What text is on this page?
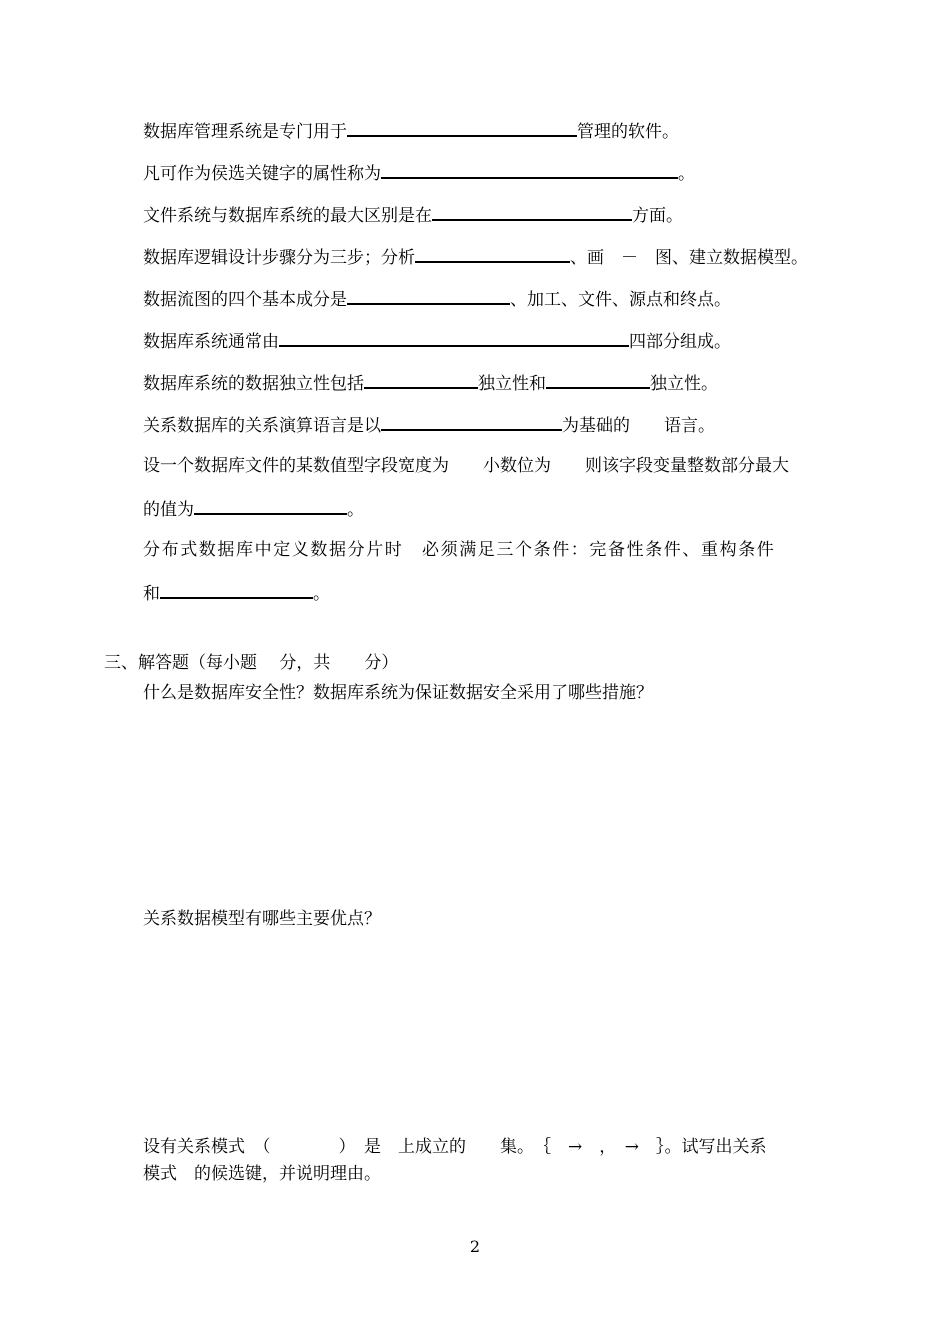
数据库管理系统是专门用于	管理的软件。
凡可作为侯选关键字的属性称为	。
文件系统与数据库系统的最大区别是在	方面。
数据库逻辑设计步骤分为三步；分析	、画　－　图、建立数据模型。
数据流图的四个基本成分是	、加工、文件、源点和终点。
数据库系统通常由	四部分组成。
数据库系统的数据独立性包括	独立性和	独立性。
关系数据库的关系演算语言是以	为基础的　　语言。
设一个数据库文件的某数值型字段宽度为　　小数位为　　则该字段变量整数部分最大
的值为	。
分布式数据库中定义数据分片时　必须满足三个条件：完备性条件、重构条件
和	。
三、解答题（每小题　 分，共　　分）
什么是数据库安全性？数据库系统为保证数据安全采用了哪些措施？
关系数据模型有哪些主要优点？
设有关系模式　（　　　　）　是　上成立的　　集。　｛　→　，　→　｝。试写出关系
模式　的候选键，并说明理由。
2
